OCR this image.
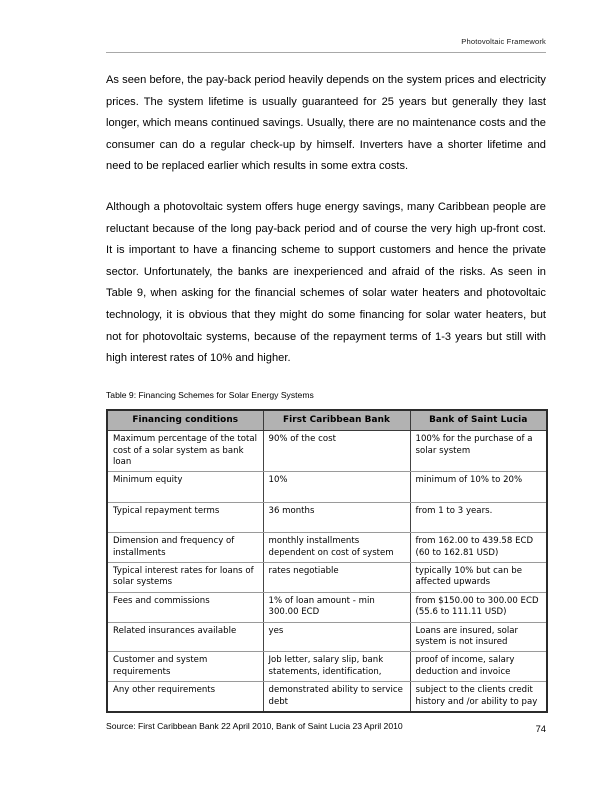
Photovoltaic Framework

As seen before, the pay-back period heavily depends on the system prices and electricity prices. The system lifetime is usually guaranteed for 25 years but generally they last longer, which means continued savings. Usually, there are no maintenance costs and the consumer can do a regular check-up by himself. Inverters have a shorter lifetime and need to be replaced earlier which results in some extra costs.

Although a photovoltaic system offers huge energy savings, many Caribbean people are reluctant because of the long pay-back period and of course the very high up-front cost. It is important to have a financing scheme to support customers and hence the private sector. Unfortunately, the banks are inexperienced and afraid of the risks. As seen in Table 9, when asking for the financial schemes of solar water heaters and photovoltaic technology, it is obvious that they might do some financing for solar water heaters, but not for photovoltaic systems, because of the repayment terms of 1-3 years but still with high interest rates of 10% and higher.

Table 9: Financing Schemes for Solar Energy Systems

Financing conditions	First Caribbean Bank	Bank of Saint Lucia
Maximum percentage of the total cost of a solar system as bank loan	90% of the cost	100% for the purchase of a solar system
Minimum equity	10%	minimum of 10% to 20%
Typical repayment terms	36 months	from 1 to 3 years.
Dimension and frequency of installments	monthly installments dependent on cost of system	from 162.00 to 439.58 ECD (60 to 162.81 USD)
Typical interest rates for loans of solar systems	rates negotiable	typically 10% but can be affected upwards
Fees and commissions	1% of loan amount - min 300.00 ECD	from $150.00 to 300.00 ECD (55.6 to 111.11 USD)
Related insurances available	yes	Loans are insured, solar system is not insured
Customer and system requirements	Job letter, salary slip, bank statements, identification,	proof of income, salary deduction and invoice
Any other requirements	demonstrated ability to service debt	subject to the clients credit history and /or ability to pay
Source: First Caribbean Bank 22 April 2010, Bank of Saint Lucia 23 April 2010	74
